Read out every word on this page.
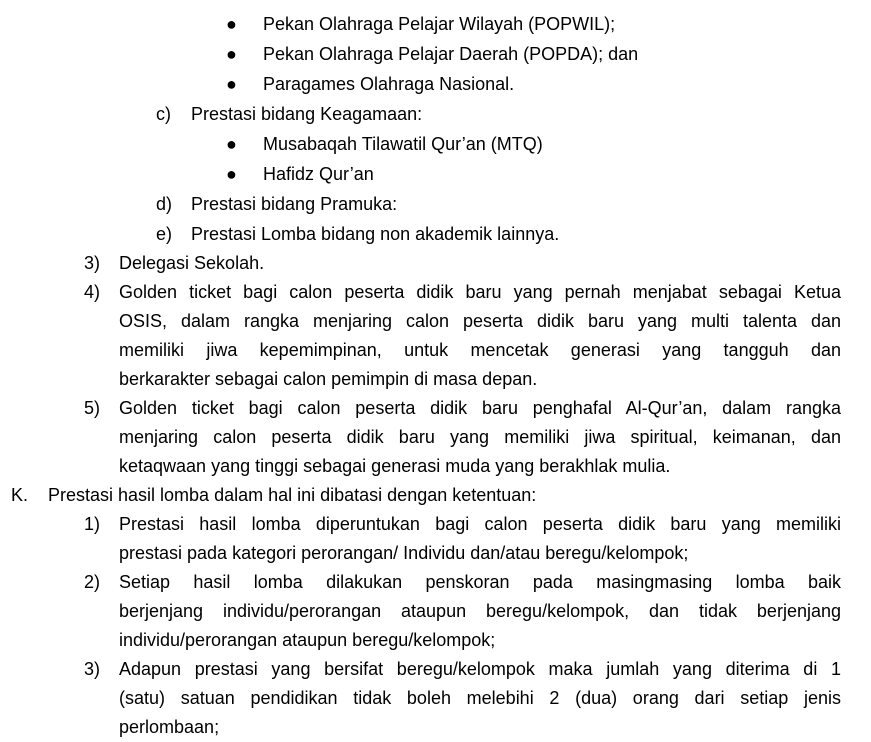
● Pekan Olahraga Pelajar Wilayah (POPWIL);
● Pekan Olahraga Pelajar Daerah (POPDA); dan
● Paragames Olahraga Nasional.
c) Prestasi bidang Keagamaan:
● Musabaqah Tilawatil Qur’an (MTQ)
● Hafidz Qur’an
d) Prestasi bidang Pramuka:
e) Prestasi Lomba bidang non akademik lainnya.
3) Delegasi Sekolah.
4) Golden ticket bagi calon peserta didik baru yang pernah menjabat sebagai Ketua
OSIS, dalam rangka menjaring calon peserta didik baru yang multi talenta dan
memiliki jiwa kepemimpinan, untuk mencetak generasi yang tangguh dan
berkarakter sebagai calon pemimpin di masa depan.
5) Golden ticket bagi calon peserta didik baru penghafal Al-Qur’an, dalam rangka
menjaring calon peserta didik baru yang memiliki jiwa spiritual, keimanan, dan
ketaqwaan yang tinggi sebagai generasi muda yang berakhlak mulia.
K. Prestasi hasil lomba dalam hal ini dibatasi dengan ketentuan:
1) Prestasi hasil lomba diperuntukan bagi calon peserta didik baru yang memiliki
prestasi pada kategori perorangan/ Individu dan/atau beregu/kelompok;
2) Setiap hasil lomba dilakukan penskoran pada masingmasing lomba baik
berjenjang individu/perorangan ataupun beregu/kelompok, dan tidak berjenjang
individu/perorangan ataupun beregu/kelompok;
3) Adapun prestasi yang bersifat beregu/kelompok maka jumlah yang diterima di 1
(satu) satuan pendidikan tidak boleh melebihi 2 (dua) orang dari setiap jenis
perlombaan;
